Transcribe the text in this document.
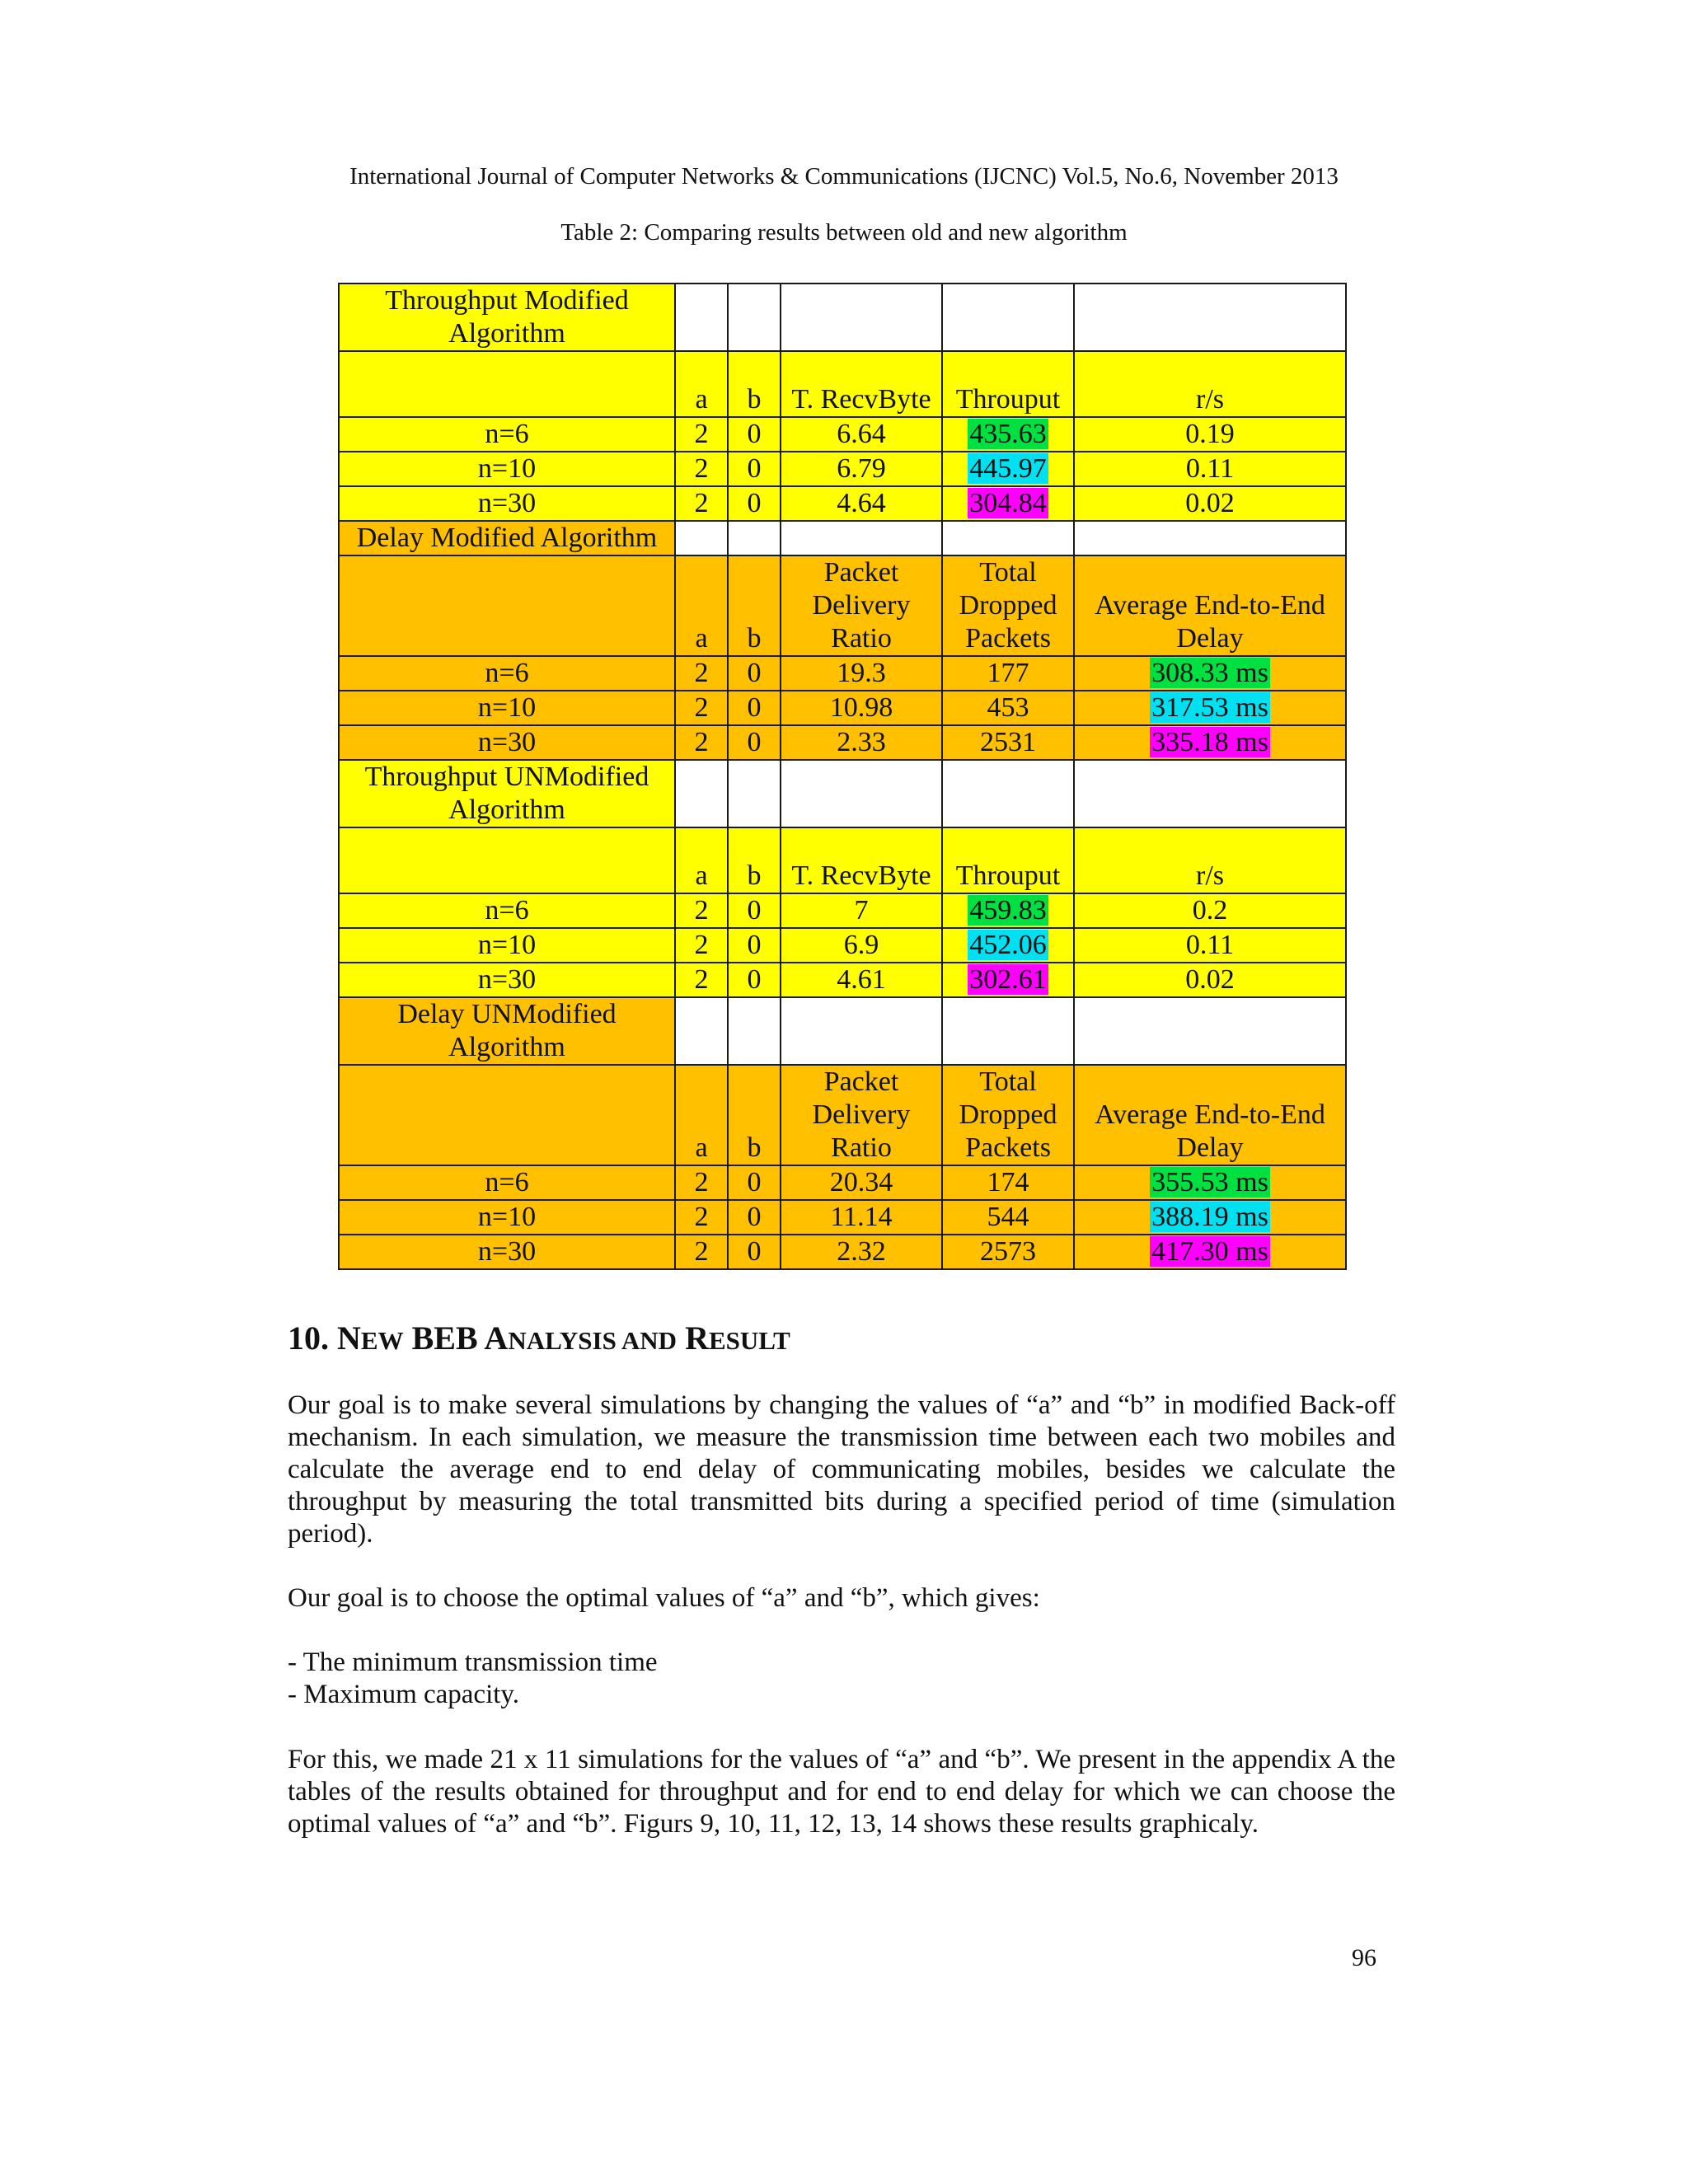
International Journal of Computer Networks & Communications (IJCNC) Vol.5, No.6, November 2013
Table 2: Comparing results between old and new algorithm
Throughput Modified Algorithm					
	a	b	T. RecvByte	Throuput	r/s
n=6	2	0	6.64	435.63	0.19
n=10	2	0	6.79	445.97	0.11
n=30	2	0	4.64	304.84	0.02
Delay Modified Algorithm					
	a	b	Packet Delivery Ratio	Total Dropped Packets	Average End-to-End Delay
n=6	2	0	19.3	177	308.33 ms
n=10	2	0	10.98	453	317.53 ms
n=30	2	0	2.33	2531	335.18 ms
Throughput UNModified Algorithm					
	a	b	T. RecvByte	Throuput	r/s
n=6	2	0	7	459.83	0.2
n=10	2	0	6.9	452.06	0.11
n=30	2	0	4.61	302.61	0.02
Delay UNModified Algorithm					
	a	b	Packet Delivery Ratio	Total Dropped Packets	Average End-to-End Delay
n=6	2	0	20.34	174	355.53 ms
n=10	2	0	11.14	544	388.19 ms
n=30	2	0	2.32	2573	417.30 ms
10. NEW BEB ANALYSIS AND RESULT

Our goal is to make several simulations by changing the values of “a” and “b” in modified Back-off mechanism. In each simulation, we measure the transmission time between each two mobiles and calculate the average end to end delay of communicating mobiles, besides we calculate the throughput by measuring the total transmitted bits during a specified period of time (simulation period).

Our goal is to choose the optimal values of “a” and “b”, which gives:

- The minimum transmission time

- Maximum capacity.

For this, we made 21 x 11 simulations for the values of “a” and “b”. We present in the appendix A the tables of the results obtained for throughput and for end to end delay for which we can choose the optimal values of “a” and “b”. Figurs 9, 10, 11, 12, 13, 14 shows these results graphicaly.

96
